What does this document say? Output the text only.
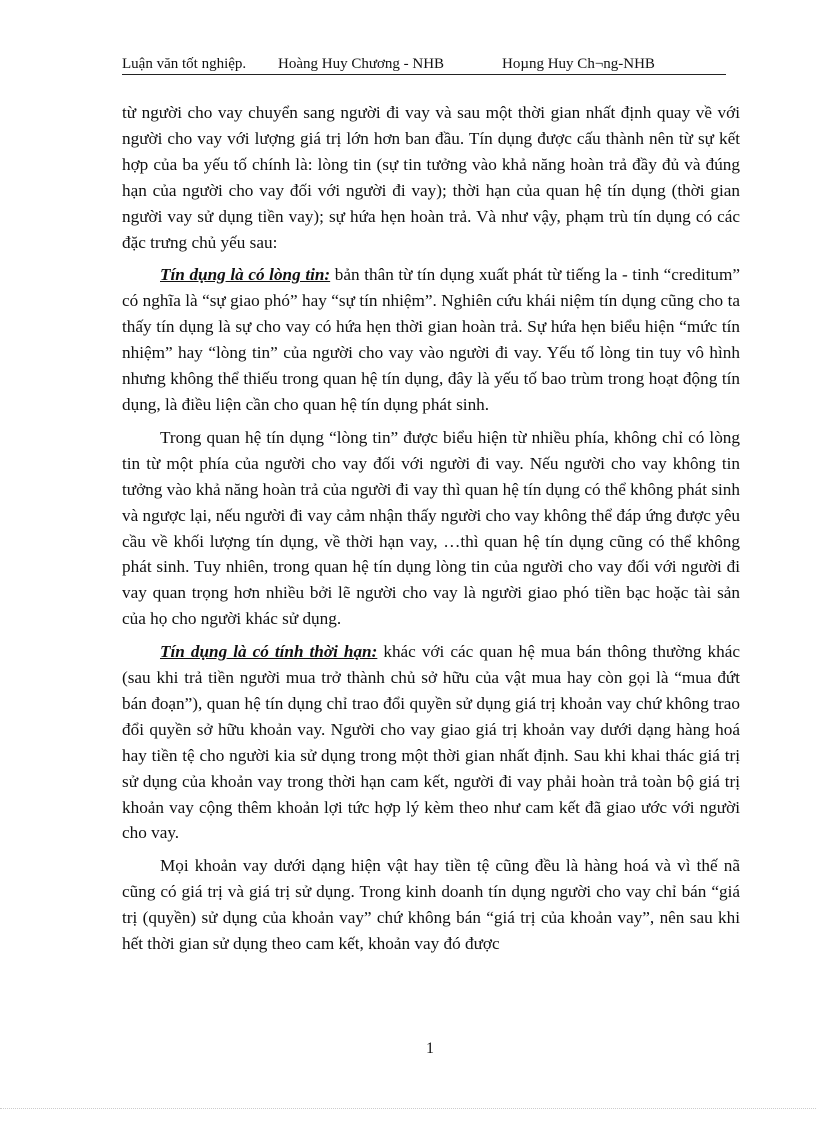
Luận văn tốt nghiệp. Hoàng Huy Chương - NHB	Hoµng Huy Ch¬ng-NHB

từ người cho vay chuyển sang người đi vay và sau một thời gian nhất định quay về với người cho vay với lượng giá trị lớn hơn ban đầu. Tín dụng được cấu thành nên từ sự kết hợp của ba yếu tố chính là: lòng tin (sự tin tưởng vào khả năng hoàn trả đầy đủ và đúng hạn của người cho vay đối với người đi vay); thời hạn của quan hệ tín dụng (thời gian người vay sử dụng tiền vay); sự hứa hẹn hoàn trả. Và như vậy, phạm trù tín dụng có các đặc trưng chủ yếu sau:

Tín dụng là có lòng tin: bản thân từ tín dụng xuất phát từ tiếng la - tinh “creditum” có nghĩa là “sự giao phó” hay “sự tín nhiệm”. Nghiên cứu khái niệm tín dụng cũng cho ta thấy tín dụng là sự cho vay có hứa hẹn thời gian hoàn trả. Sự hứa hẹn biểu hiện “mức tín nhiệm” hay “lòng tin” của người cho vay vào người đi vay. Yếu tố lòng tin tuy vô hình nhưng không thể thiếu trong quan hệ tín dụng, đây là yếu tố bao trùm trong hoạt động tín dụng, là điều liện cần cho quan hệ tín dụng phát sinh.

Trong quan hệ tín dụng “lòng tin” được biểu hiện từ nhiều phía, không chỉ có lòng tin từ một phía của người cho vay đối với người đi vay. Nếu người cho vay không tin tưởng vào khả năng hoàn trả của người đi vay thì quan hệ tín dụng có thể không phát sinh và ngược lại, nếu người đi vay cảm nhận thấy người cho vay không thể đáp ứng được yêu cầu về khối lượng tín dụng, về thời hạn vay, …thì quan hệ tín dụng cũng có thể không phát sinh. Tuy nhiên, trong quan hệ tín dụng lòng tin của người cho vay đối với người đi vay quan trọng hơn nhiều bởi lẽ người cho vay là người giao phó tiền bạc hoặc tài sản của họ cho người khác sử dụng.

Tín dụng là có tính thời hạn: khác với các quan hệ mua bán thông thường khác (sau khi trả tiền người mua trở thành chủ sở hữu của vật mua hay còn gọi là “mua đứt bán đoạn”), quan hệ tín dụng chỉ trao đổi quyền sử dụng giá trị khoản vay chứ không trao đổi quyền sở hữu khoản vay. Người cho vay giao giá trị khoản vay dưới dạng hàng hoá hay tiền tệ cho người kia sử dụng trong một thời gian nhất định. Sau khi khai thác giá trị sử dụng của khoản vay trong thời hạn cam kết, người đi vay phải hoàn trả toàn bộ giá trị khoản vay cộng thêm khoản lợi tức hợp lý kèm theo như cam kết đã giao ước với người cho vay.

Mọi khoản vay dưới dạng hiện vật hay tiền tệ cũng đều là hàng hoá và vì thế nã cũng có giá trị và giá trị sử dụng. Trong kinh doanh tín dụng người cho vay chỉ bán “giá trị (quyền) sử dụng của khoản vay” chứ không bán “giá trị của khoản vay”, nên sau khi hết thời gian sử dụng theo cam kết, khoản vay đó được

1
